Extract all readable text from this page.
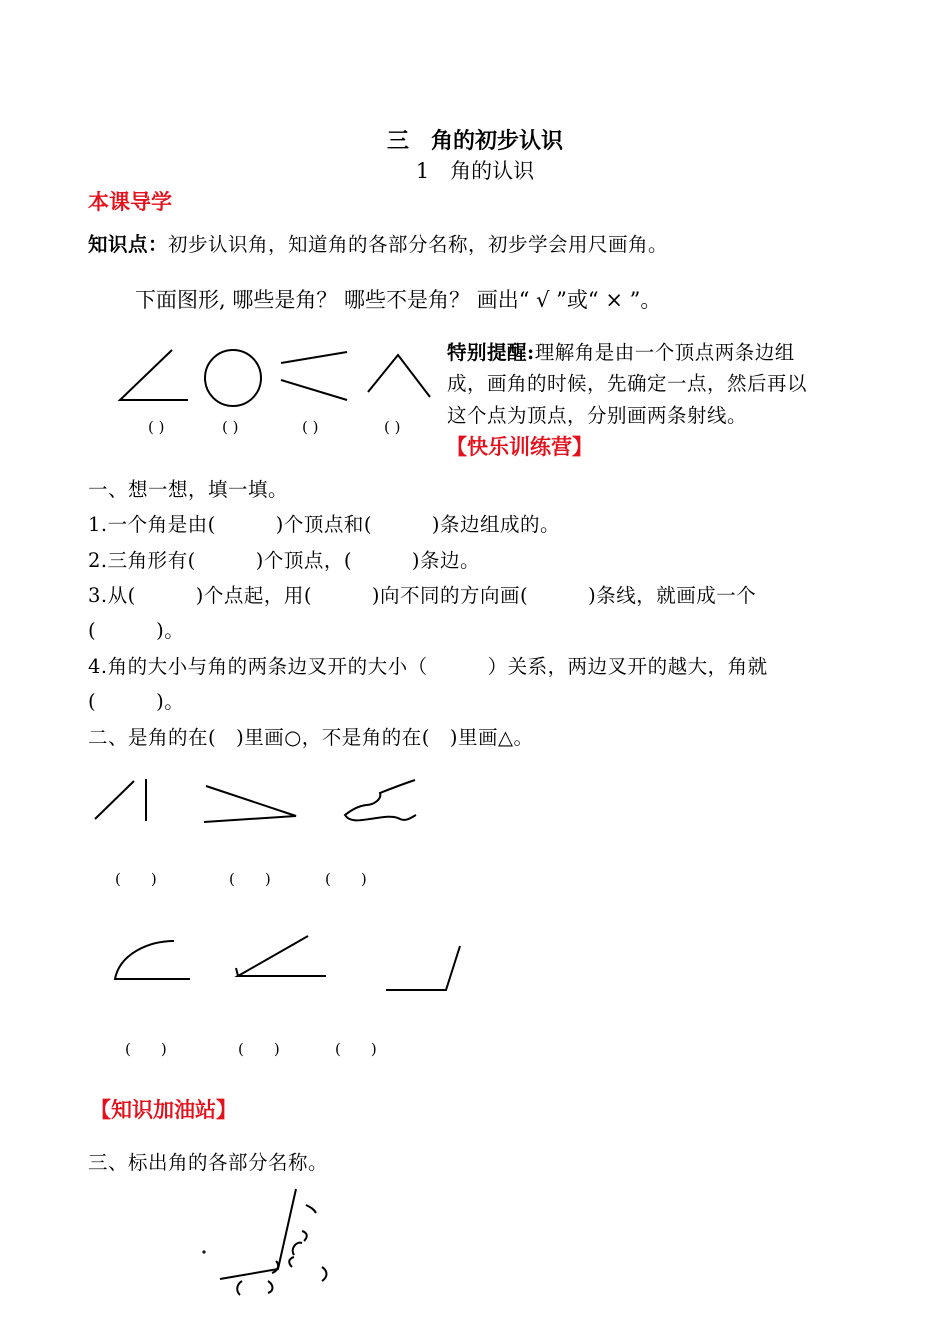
三　角的初步认识
1　角的认识
本课导学
知识点：初步认识角，知道角的各部分名称，初步学会用尺画角。
下面图形, 哪些是角？ 哪些不是角？ 画出“ √ ”或“ × ”。
( )	( )	( )	( )
特别提醒:理解角是由一个顶点两条边组
成，画角的时候，先确定一点，然后再以
这个点为顶点，分别画两条射线。
【快乐训练营】
一、想一想，填一填。
1.一个角是由(　　　)个顶点和(　　　)条边组成的。
2.三角形有(　　　)个顶点，(　　　)条边。
3.从(　　　)个点起，用(　　　)向不同的方向画(　　　)条线，就画成一个
(　　　)。
4.角的大小与角的两条边叉开的大小（　　　）关系，两边叉开的越大，角就
(　　　)。
二、是角的在(　)里画○，不是角的在(　)里画△。
(　　)	(　　)	(　　)
(　　)	(　　)	(　　)
【知识加油站】
三、标出角的各部分名称。
